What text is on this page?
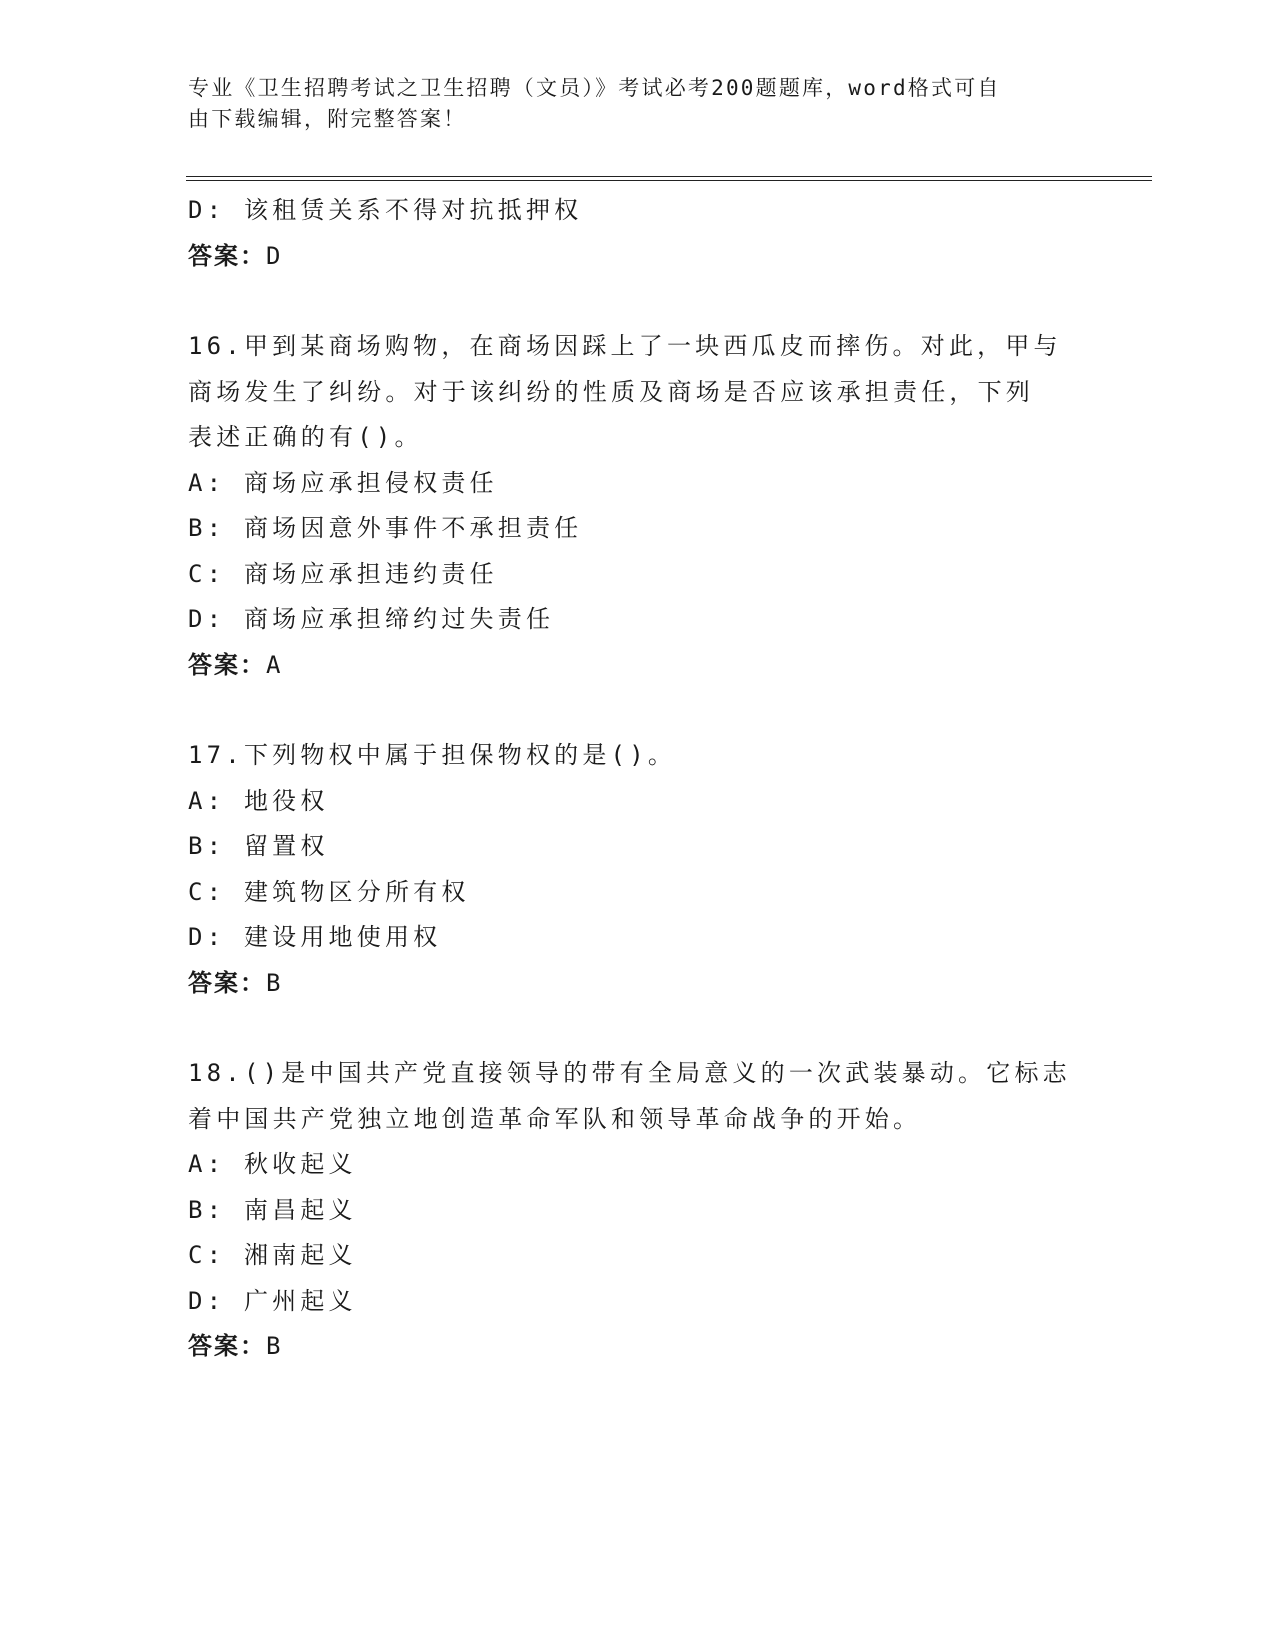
专业《卫生招聘考试之卫生招聘（文员）》考试必考200题题库，word格式可自
由下载编辑，附完整答案！
D: 该租赁关系不得对抗抵押权
答案：D
16.甲到某商场购物，在商场因踩上了一块西瓜皮而摔伤。对此，甲与
商场发生了纠纷。对于该纠纷的性质及商场是否应该承担责任，下列
表述正确的有()。
A: 商场应承担侵权责任
B: 商场因意外事件不承担责任
C: 商场应承担违约责任
D: 商场应承担缔约过失责任
答案：A
17.下列物权中属于担保物权的是()。
A: 地役权
B: 留置权
C: 建筑物区分所有权
D: 建设用地使用权
答案：B
18.()是中国共产党直接领导的带有全局意义的一次武装暴动。它标志
着中国共产党独立地创造革命军队和领导革命战争的开始。
A: 秋收起义
B: 南昌起义
C: 湘南起义
D: 广州起义
答案：B
